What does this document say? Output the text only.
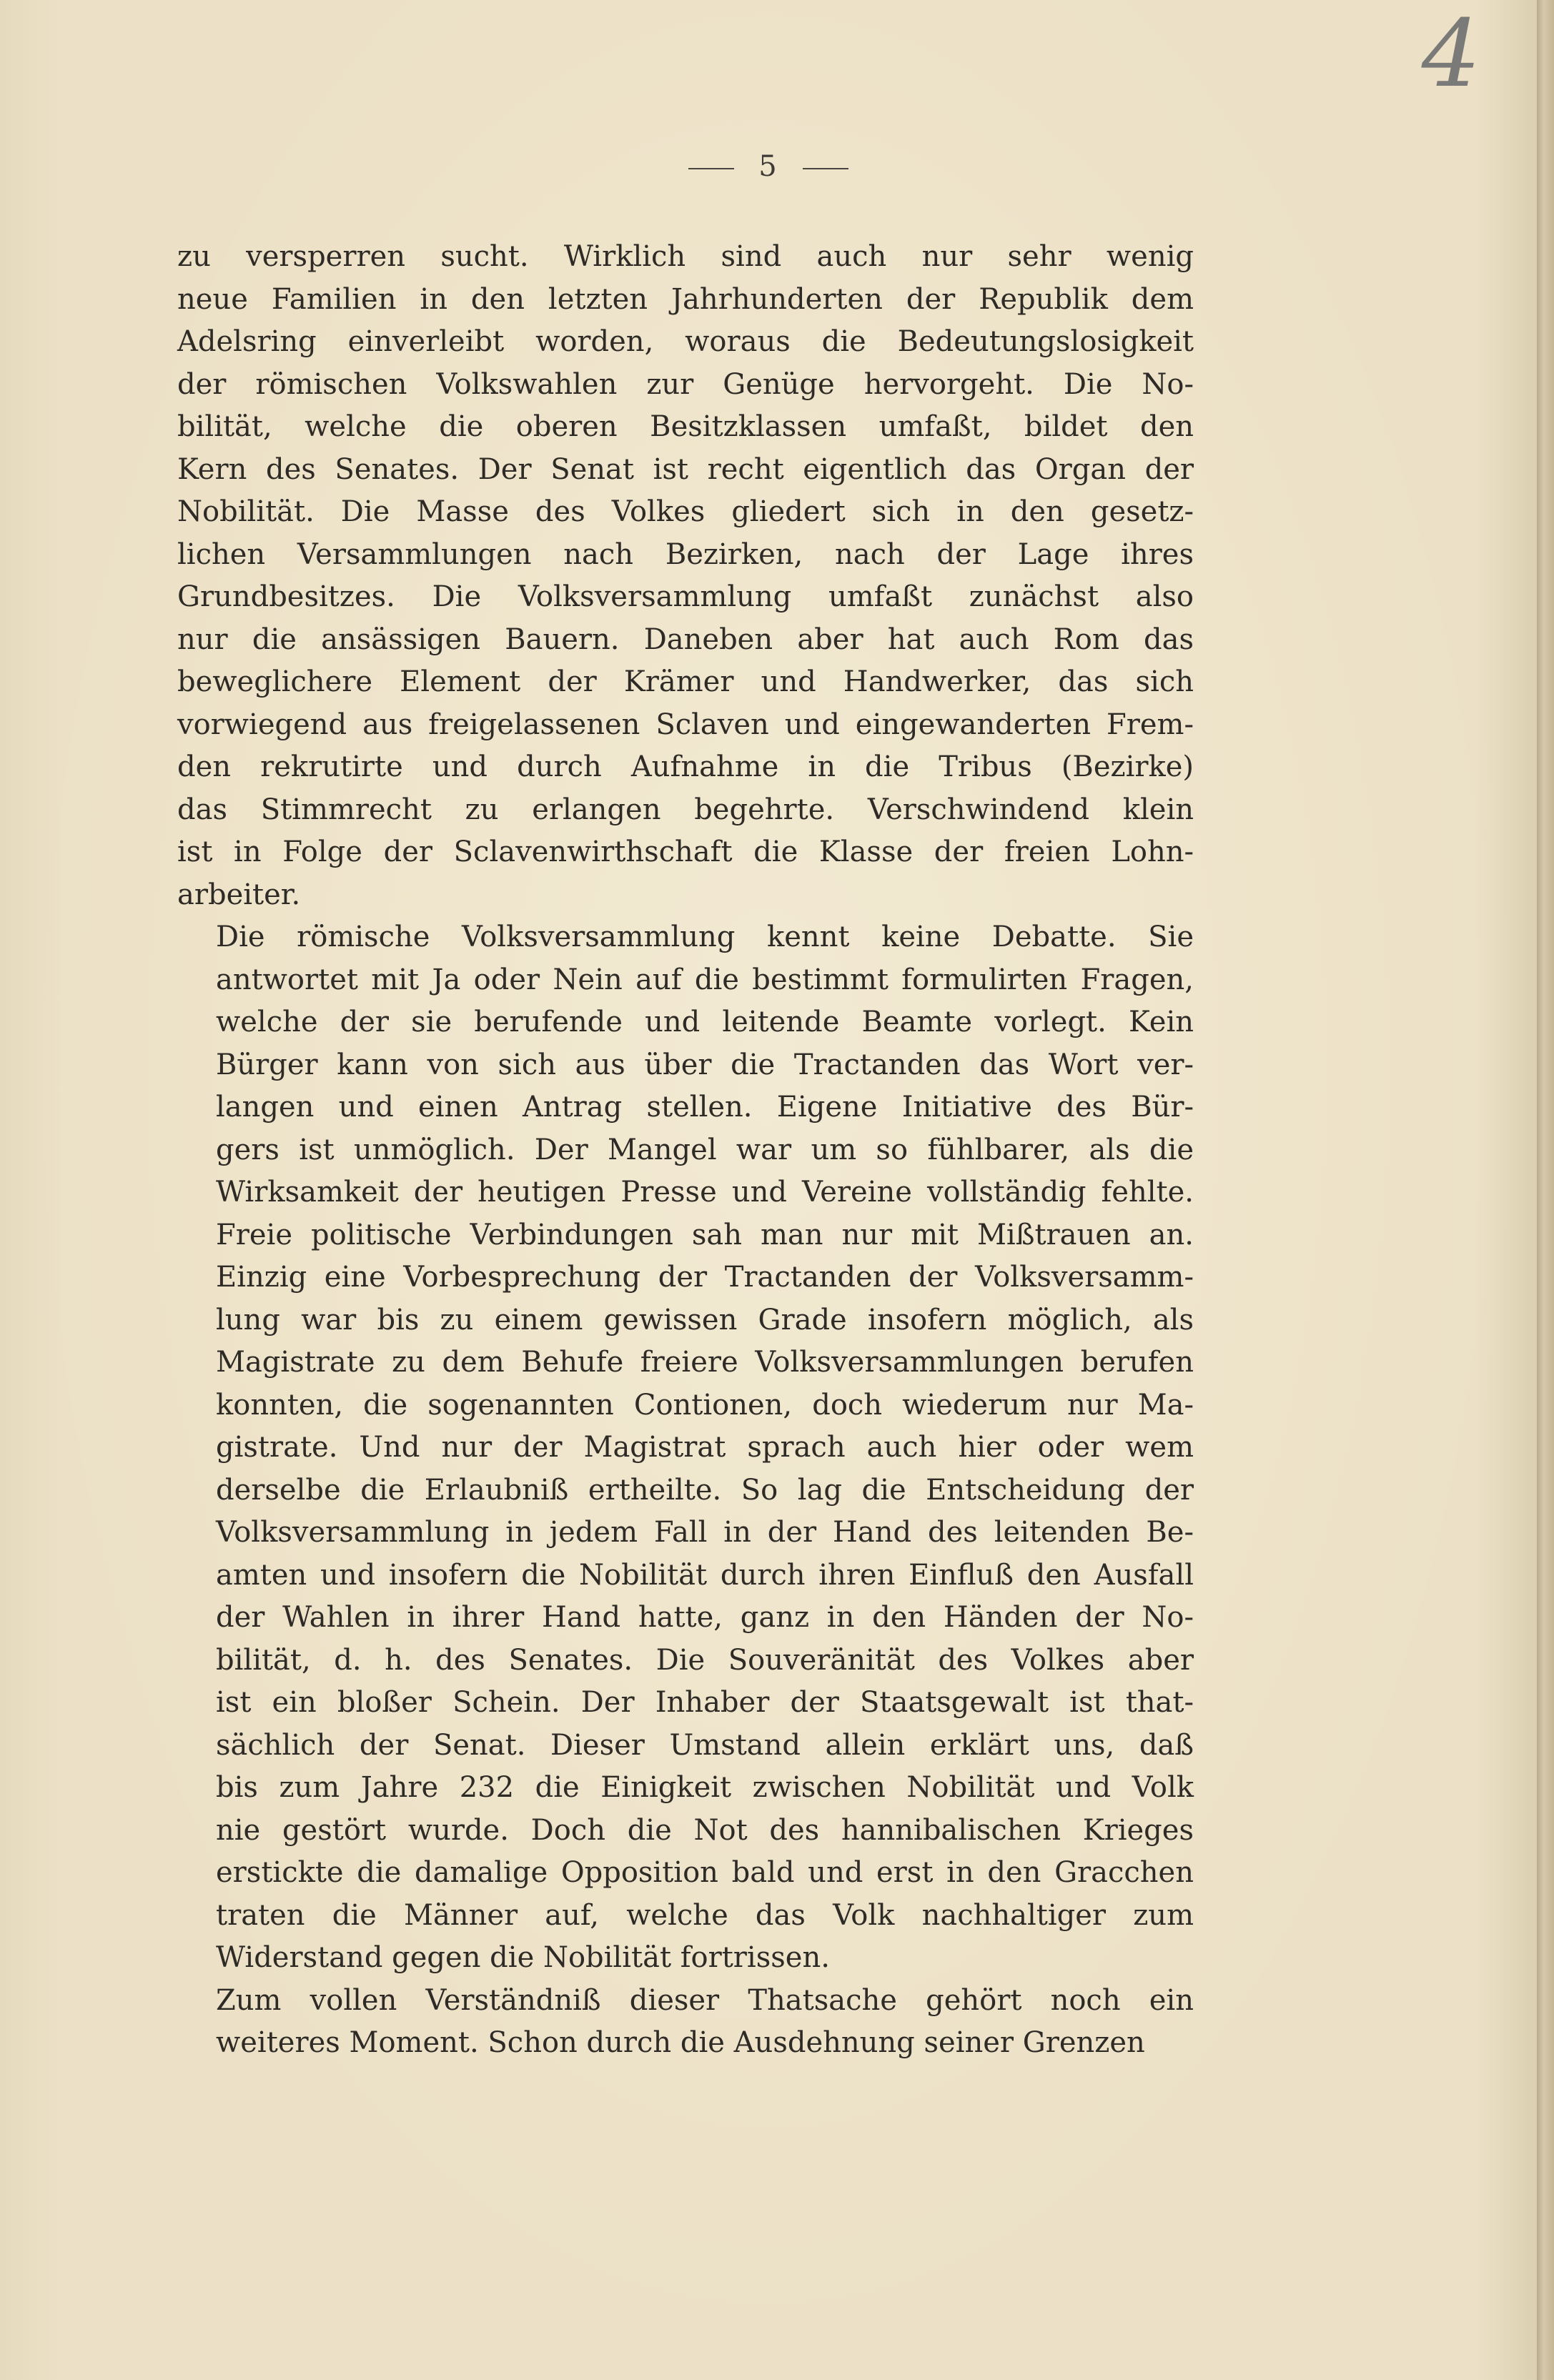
4
5

zu versperren sucht. Wirklich sind auch nur sehr wenig
neue Familien in den letzten Jahrhunderten der Republik dem
Adelsring einverleibt worden, woraus die Bedeutungslosigkeit
der römischen Volkswahlen zur Genüge hervorgeht. Die No-
bilität, welche die oberen Besitzklassen umfaßt, bildet den
Kern des Senates. Der Senat ist recht eigentlich das Organ der
Nobilität. Die Masse des Volkes gliedert sich in den gesetz-
lichen Versammlungen nach Bezirken, nach der Lage ihres
Grundbesitzes. Die Volksversammlung umfaßt zunächst also
nur die ansässigen Bauern. Daneben aber hat auch Rom das
beweglichere Element der Krämer und Handwerker, das sich
vorwiegend aus freigelassenen Sclaven und eingewanderten Frem-
den rekrutirte und durch Aufnahme in die Tribus (Bezirke)
das Stimmrecht zu erlangen begehrte. Verschwindend klein
ist in Folge der Sclavenwirthschaft die Klasse der freien Lohn-
arbeiter.

Die römische Volksversammlung kennt keine Debatte. Sie
antwortet mit Ja oder Nein auf die bestimmt formulirten Fragen,
welche der sie berufende und leitende Beamte vorlegt. Kein
Bürger kann von sich aus über die Tractanden das Wort ver-
langen und einen Antrag stellen. Eigene Initiative des Bür-
gers ist unmöglich. Der Mangel war um so fühlbarer, als die
Wirksamkeit der heutigen Presse und Vereine vollständig fehlte.
Freie politische Verbindungen sah man nur mit Mißtrauen an.
Einzig eine Vorbesprechung der Tractanden der Volksversamm-
lung war bis zu einem gewissen Grade insofern möglich, als
Magistrate zu dem Behufe freiere Volksversammlungen berufen
konnten, die sogenannten Contionen, doch wiederum nur Ma-
gistrate. Und nur der Magistrat sprach auch hier oder wem
derselbe die Erlaubniß ertheilte. So lag die Entscheidung der
Volksversammlung in jedem Fall in der Hand des leitenden Be-
amten und insofern die Nobilität durch ihren Einfluß den Ausfall
der Wahlen in ihrer Hand hatte, ganz in den Händen der No-
bilität, d. h. des Senates. Die Souveränität des Volkes aber
ist ein bloßer Schein. Der Inhaber der Staatsgewalt ist that-
sächlich der Senat. Dieser Umstand allein erklärt uns, daß
bis zum Jahre 232 die Einigkeit zwischen Nobilität und Volk
nie gestört wurde. Doch die Not des hannibalischen Krieges
erstickte die damalige Opposition bald und erst in den Gracchen
traten die Männer auf, welche das Volk nachhaltiger zum
Widerstand gegen die Nobilität fortrissen.

Zum vollen Verständniß dieser Thatsache gehört noch ein
weiteres Moment. Schon durch die Ausdehnung seiner Grenzen
